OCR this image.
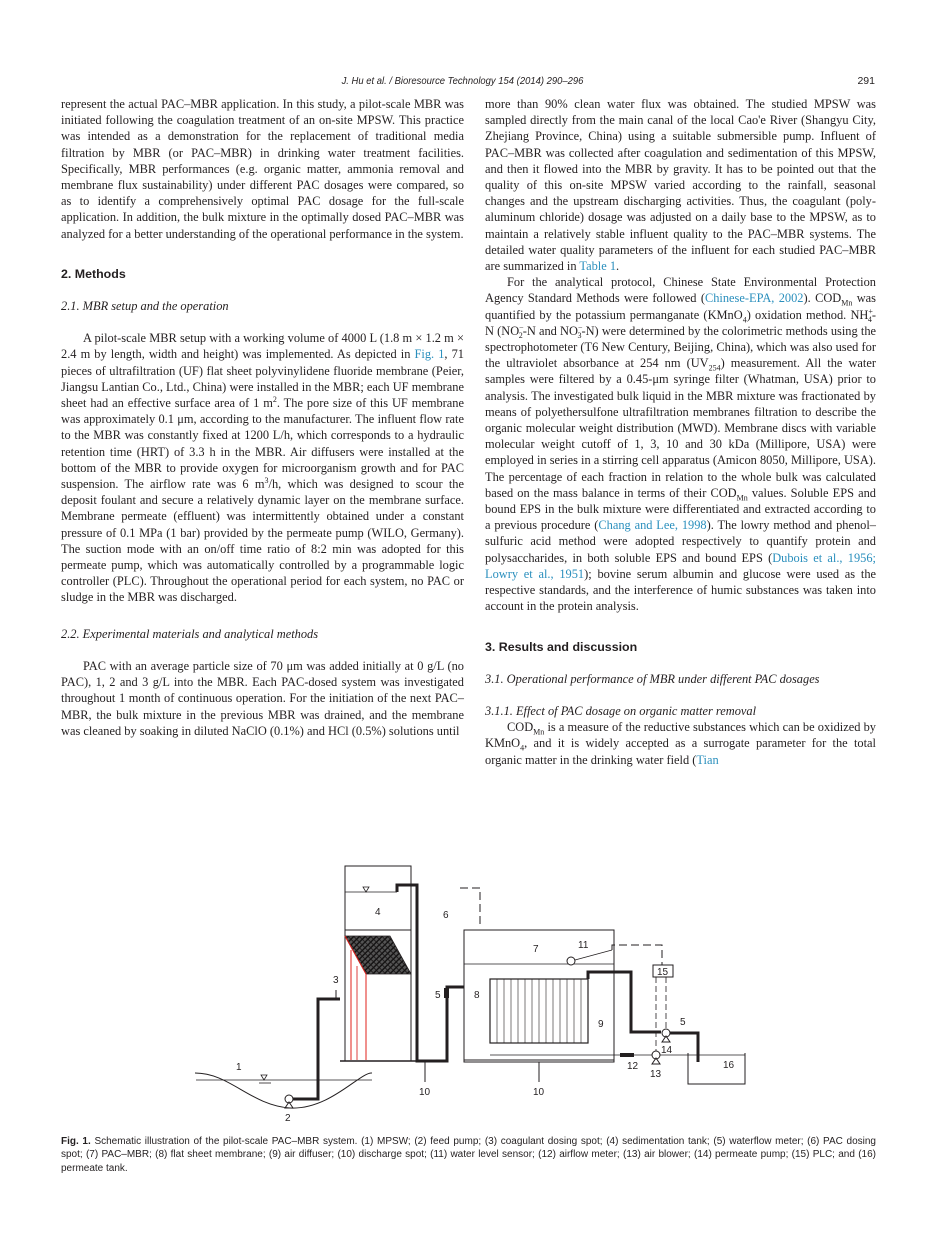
J. Hu et al. / Bioresource Technology 154 (2014) 290–296	291

represent the actual PAC–MBR application. In this study, a pilot-scale MBR was initiated following the coagulation treatment of an on-site MPSW. This practice was intended as a demonstration for the replacement of traditional media filtration by MBR (or PAC–MBR) in drinking water treatment facilities. Specifically, MBR performances (e.g. organic matter, ammonia removal and membrane flux sustainability) under different PAC dosages were compared, so as to identify a comprehensively optimal PAC dosage for the full-scale application. In addition, the bulk mixture in the optimally dosed PAC–MBR was analyzed for a better understanding of the operational performance in the system.

2. Methods

2.1. MBR setup and the operation

A pilot-scale MBR setup with a working volume of 4000 L (1.8 m × 1.2 m × 2.4 m by length, width and height) was implemented. As depicted in Fig. 1, 71 pieces of ultrafiltration (UF) flat sheet polyvinylidene fluoride membrane (Peier, Jiangsu Lantian Co., Ltd., China) were installed in the MBR; each UF membrane sheet had an effective surface area of 1 $m^2$. The pore size of this UF membrane was approximately 0.1 μm, according to the manufacturer. The influent flow rate to the MBR was constantly fixed at 1200 L/h, which corresponds to a hydraulic retention time (HRT) of 3.3 h in the MBR. Air diffusers were installed at the bottom of the MBR to provide oxygen for microorganism growth and for PAC suspension. The airflow rate was 6 $m^3/h$, which was designed to scour the deposit foulant and secure a relatively dynamic layer on the membrane surface. Membrane permeate (effluent) was intermittently obtained under a constant pressure of 0.1 MPa (1 bar) provided by the permeate pump (WILO, Germany). The suction mode with an on/off time ratio of 8:2 min was adopted for this permeate pump, which was automatically controlled by a programmable logic controller (PLC). Throughout the operational period for each system, no PAC or sludge in the MBR was discharged.

2.2. Experimental materials and analytical methods

PAC with an average particle size of 70 μm was added initially at 0 g/L (no PAC), 1, 2 and 3 g/L into the MBR. Each PAC-dosed system was investigated throughout 1 month of continuous operation. For the initiation of the next PAC–MBR, the bulk mixture in the previous MBR was drained, and the membrane was cleaned by soaking in diluted NaClO (0.1%) and HCl (0.5%) solutions until

more than 90% clean water flux was obtained. The studied MPSW was sampled directly from the main canal of the local Cao'e River (Shangyu City, Zhejiang Province, China) using a suitable submersible pump. Influent of PAC–MBR was collected after coagulation and sedimentation of this MPSW, and then it flowed into the MBR by gravity. It has to be pointed out that the quality of this on-site MPSW varied according to the rainfall, seasonal changes and the upstream discharging activities. Thus, the coagulant (poly-aluminum chloride) dosage was adjusted on a daily base to the MPSW, as to maintain a relatively stable influent quality to the PAC–MBR systems. The detailed water quality parameters of the influent for each studied PAC–MBR are summarized in Table 1.

For the analytical protocol, Chinese State Environmental Protection Agency Standard Methods were followed (Chinese-EPA, 2002). $COD_{Mn}$ was quantified by the potassium permanganate (KMnO$_4$) oxidation method. $NH^+_4-N$ ($NO^-_2-N$ and $NO^-_3-N$) were determined by the colorimetric methods using the spectrophotometer (T6 New Century, Beijing, China), which was also used for the ultraviolet absorbance at 254 nm $(UV_{254})$ measurement. All the water samples were filtered by a 0.45-μm syringe filter (Whatman, USA) prior to analysis. The investigated bulk liquid in the MBR mixture was fractionated by means of polyethersulfone ultrafiltration membranes filtration to describe the organic molecular weight distribution (MWD). Membrane discs with variable molecular weight cutoff of 1, 3, 10 and 30 kDa (Millipore, USA) were employed in series in a stirring cell apparatus (Amicon 8050, Millipore, USA). The percentage of each fraction in relation to the whole bulk was calculated based on the mass balance in terms of their $COD_{Mn}$ values. Soluble EPS and bound EPS in the bulk mixture were differentiated and extracted according to a previous procedure (Chang and Lee, 1998). The lowry method and phenol–sulfuric acid method were adopted respectively to quantify protein and polysaccharides, in both soluble EPS and bound EPS (Dubois et al., 1956; Lowry et al., 1951); bovine serum albumin and glucose were used as the respective standards, and the interference of humic substances was taken into account in the protein analysis.

3. Results and discussion

3.1. Operational performance of MBR under different PAC dosages

3.1.1. Effect of PAC dosage on organic matter removal

$COD_{Mn}$ is a measure of the reductive substances which can be oxidized by KMnO$_4$, and it is widely accepted as a surrogate parameter for the total organic matter in the drinking water field (Tian

1
2
3
4
5
5
6
7
8
9
10	10
11
12
13
14
15
16
Fig. 1. Schematic illustration of the pilot-scale PAC–MBR system. (1) MPSW; (2) feed pump; (3) coagulant dosing spot; (4) sedimentation tank; (5) waterflow meter; (6) PAC dosing spot; (7) PAC–MBR; (8) flat sheet membrane; (9) air diffuser; (10) discharge spot; (11) water level sensor; (12) airflow meter; (13) air blower; (14) permeate pump; (15) PLC; and (16) permeate tank.
